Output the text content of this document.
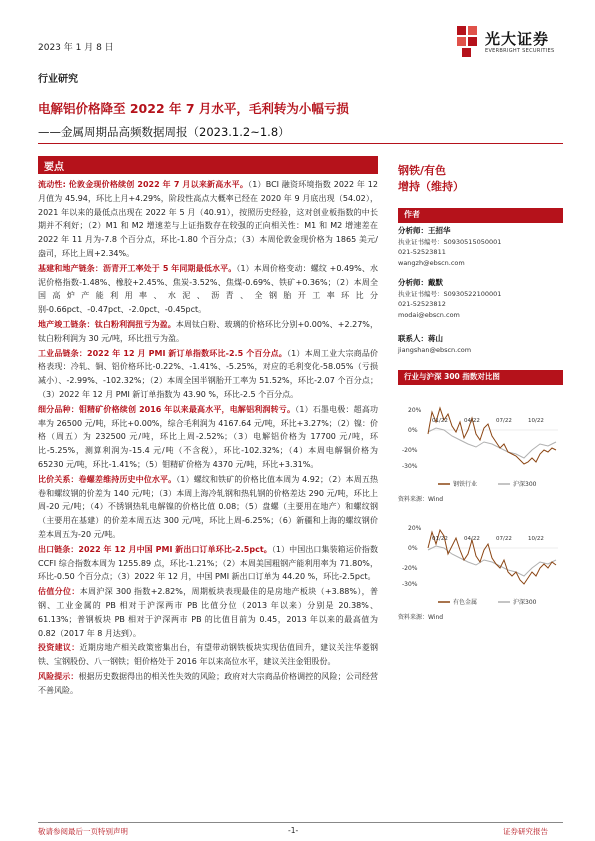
2023 年 1 月 8 日	光大证券
EVERBRIGHT SECURITIES
行业研究
电解铝价格降至 2022 年 7 月水平，毛利转为小幅亏损
——金属周期品高频数据周报（2023.1.2~1.8）
要点

流动性: 伦敦金现价格续创 2022 年 7 月以来新高水平。（1）BCI 融资环境指数 2022 年 12 月值为 45.94，环比上月+4.29%，阶段性高点大概率已经在 2020 年 9 月底出现（54.02），2021 年以来的最低点出现在 2022 年 5 月（40.91），按照历史经验，这对创业板指数的中长期并不利好；（2）M1 和 M2 增速差与上证指数存在较强的正向相关性：M1 和 M2 增速差在 2022 年 11 月为-7.8 个百分点，环比-1.80 个百分点；（3）本周伦敦金现价格为 1865 美元/盎司，环比上周+2.34%。

基建和地产链条：沥青开工率处于 5 年同期最低水平。（1）本周价格变动：螺纹 +0.49%、水泥价格指数-1.48%、橡胶+2.45%、焦炭-3.52%、焦煤-0.69%、铁矿+0.36%；（2）本周全国高炉产能利用率、水泥、沥青、全钢胎开工率环比分别-0.66pct、-0.47pct、-2.0pct、-0.45pct。

地产竣工链条：钛白粉利润扭亏为盈。本周钛白粉、玻璃的价格环比分别+0.00%、+2.27%，钛白粉利润为 30 元/吨，环比扭亏为盈。

工业品链条：2022 年 12 月 PMI 新订单指数环比-2.5 个百分点。（1）本周工业大宗商品价格表现：冷轧、铜、铝价格环比-0.22%、-1.41%、-5.25%，对应的毛利变化-58.05%（亏损减小）、-2.99%、-102.32%；（2）本周全国半钢胎开工率为 51.52%，环比-2.07 个百分点；（3）2022 年 12 月 PMI 新订单指数为 43.90 %，环比-2.5 个百分点。

细分品种：钼精矿价格续创 2016 年以来最高水平，电解铝利润转亏。（1）石墨电极：超高功率为 26500 元/吨，环比+0.00%，综合毛利润为 4167.64 元/吨，环比+3.27%；（2）镍：价格（周五）为 232500 元/吨，环比上周-2.52%；（3）电解铝价格为 17700 元/吨，环比-5.25%，测算利润为-15.4 元/吨（不含税），环比-102.32%；（4）本周电解铜价格为 65230 元/吨，环比-1.41%；（5）钼精矿价格为 4370 元/吨，环比+3.31%。

比价关系：卷螺差维持历史中位水平。（1）螺纹和铁矿的价格比值本周为 4.92；（2）本周五热卷和螺纹钢的价差为 140 元/吨；（3）本周上海冷轧钢和热轧钢的价格差达 290 元/吨，环比上周-20 元/吨；（4）不锈钢热轧电解镍的价格比值 0.08；（5）盘螺（主要用在地产）和螺纹钢（主要用在基建）的价差本周五达 300 元/吨，环比上周-6.25%；（6）新疆和上海的螺纹钢价差本周五为-20 元/吨。

出口链条：2022 年 12 月中国 PMI 新出口订单环比-2.5pct。（1）中国出口集装箱运价指数 CCFI 综合指数本周为 1255.89 点，环比-1.21%；（2）本周美国粗钢产能利用率为 71.80%，环比-0.50 个百分点；（3）2022 年 12 月，中国 PMI 新出口订单为 44.20 %，环比-2.5pct。

估值分位：本周沪深 300 指数+2.82%，周期板块表现最佳的是房地产板块（+3.88%），普钢、工业金属的 PB 相对于沪深两市 PB 比值分位（2013 年以来）分别是 20.38%、61.13%；普钢板块 PB 相对于沪深两市 PB 的比值目前为 0.45，2013 年以来的最高值为 0.82（2017 年 8 月达到）。

投资建议：近期房地产相关政策密集出台，有望带动钢铁板块实现估值回升，建议关注华菱钢铁、宝钢股份、八一钢铁；钼价格处于 2016 年以来高位水平，建议关注金钼股份。

风险提示：根据历史数据得出的相关性失效的风险；政府对大宗商品价格调控的风险；公司经营不善风险。

钢铁/有色
增持（维持）
作者
分析师：王招华
执业证书编号：S0930515050001
021-52523811
wangzh@ebscn.com
分析师：戴默
执业证书编号：S0930522100001
021-52523812
modai@ebscn.com
联系人：蒋山
jiangshan@ebscn.com
行业与沪深 300 指数对比图
20%
0%
-20%
-30%
钢铁行业	沪深300
01/22	04/22	07/22	10/22
资料来源：Wind
20%
0%
-20%
-30%
有色金属	沪深300
01/22	04/22	07/22	10/22
资料来源：Wind
敬请参阅最后一页特别声明	-1-	证券研究报告
